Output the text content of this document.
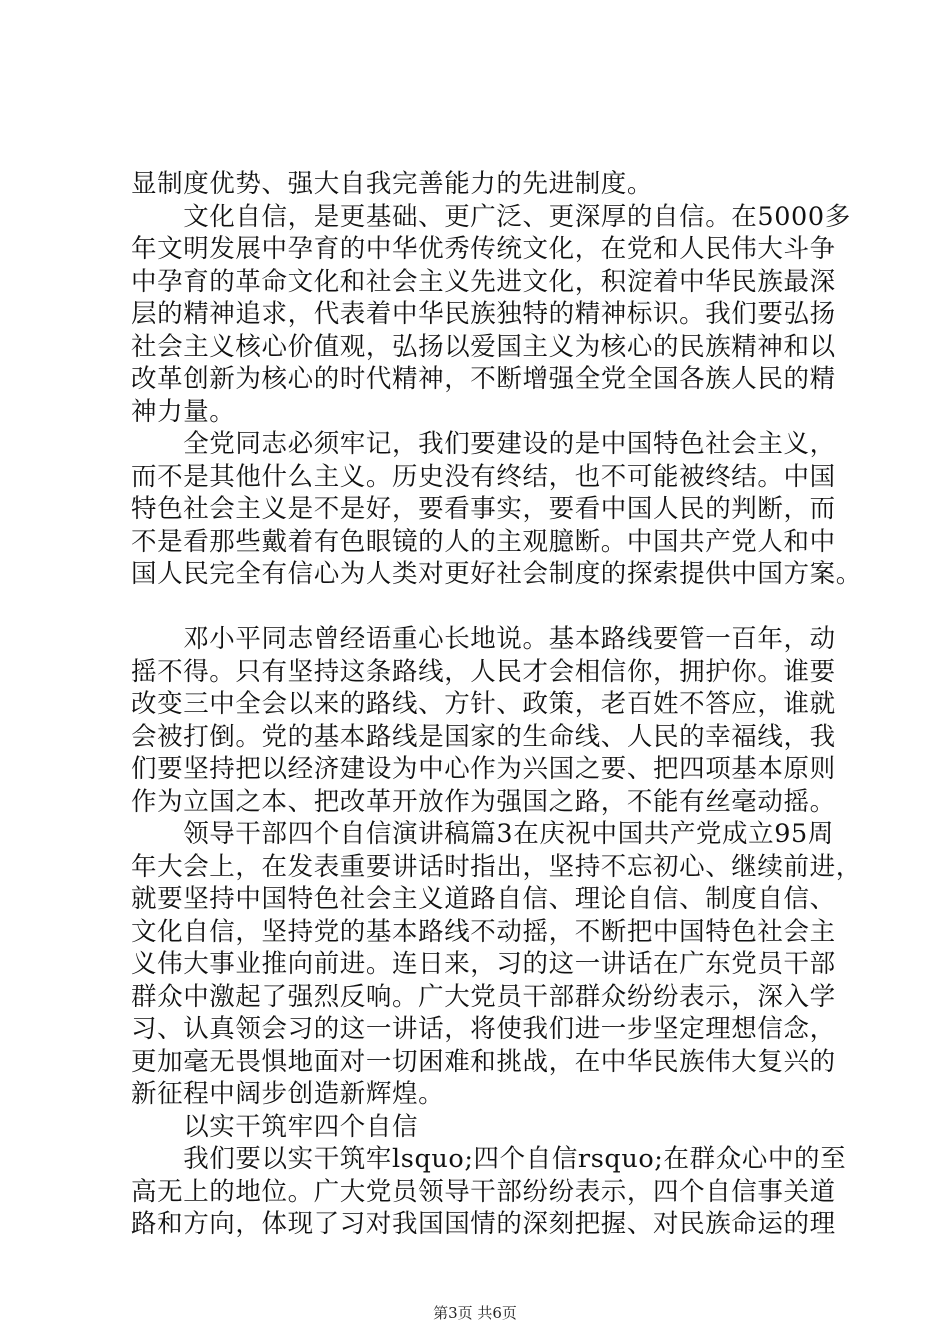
显制度优势、强大自我完善能力的先进制度。
　　文化自信，是更基础、更广泛、更深厚的自信。在5000多
年文明发展中孕育的中华优秀传统文化，在党和人民伟大斗争
中孕育的革命文化和社会主义先进文化，积淀着中华民族最深
层的精神追求，代表着中华民族独特的精神标识。我们要弘扬
社会主义核心价值观，弘扬以爱国主义为核心的民族精神和以
改革创新为核心的时代精神，不断增强全党全国各族人民的精
神力量。
　　全党同志必须牢记，我们要建设的是中国特色社会主义，
而不是其他什么主义。历史没有终结，也不可能被终结。中国
特色社会主义是不是好，要看事实，要看中国人民的判断，而
不是看那些戴着有色眼镜的人的主观臆断。中国共产党人和中
国人民完全有信心为人类对更好社会制度的探索提供中国方案。
　　邓小平同志曾经语重心长地说。基本路线要管一百年，动
摇不得。只有坚持这条路线，人民才会相信你，拥护你。谁要
改变三中全会以来的路线、方针、政策，老百姓不答应，谁就
会被打倒。党的基本路线是国家的生命线、人民的幸福线，我
们要坚持把以经济建设为中心作为兴国之要、把四项基本原则
作为立国之本、把改革开放作为强国之路，不能有丝毫动摇。
　　领导干部四个自信演讲稿篇3在庆祝中国共产党成立95周
年大会上，在发表重要讲话时指出，坚持不忘初心、继续前进，
就要坚持中国特色社会主义道路自信、理论自信、制度自信、
文化自信，坚持党的基本路线不动摇，不断把中国特色社会主
义伟大事业推向前进。连日来，习的这一讲话在广东党员干部
群众中激起了强烈反响。广大党员干部群众纷纷表示，深入学
习、认真领会习的这一讲话，将使我们进一步坚定理想信念，
更加毫无畏惧地面对一切困难和挑战，在中华民族伟大复兴的
新征程中阔步创造新辉煌。
　　以实干筑牢四个自信
　　我们要以实干筑牢lsquo;四个自信rsquo;在群众心中的至
高无上的地位。广大党员领导干部纷纷表示，四个自信事关道
路和方向，体现了习对我国国情的深刻把握、对民族命运的理
第3页 共6页
